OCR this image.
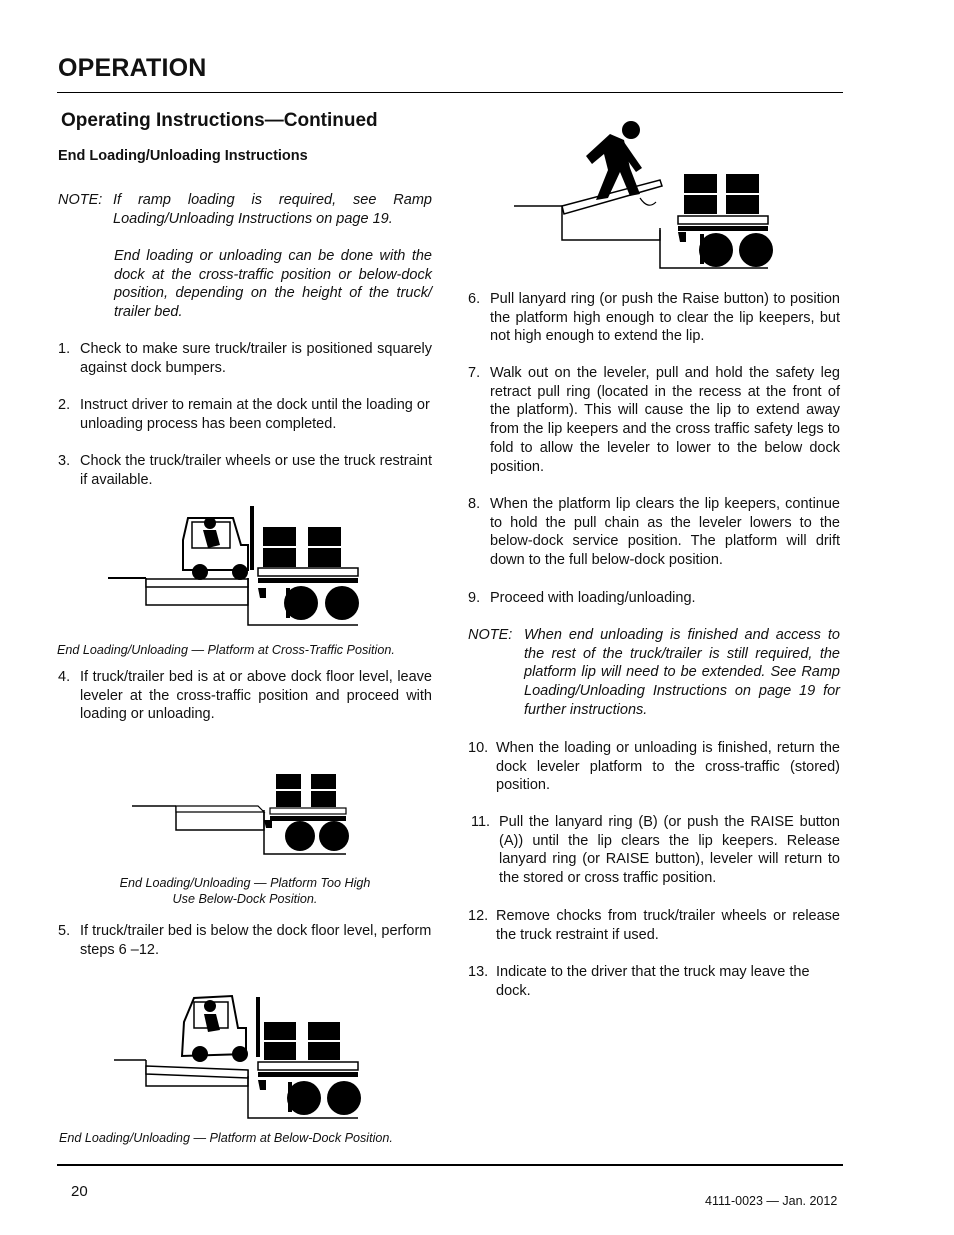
OPERATION
Operating Instructions—Continued
End Loading/Unloading Instructions
NOTE: If ramp loading is required, see Ramp Loading/Unloading Instructions on page 19.
End loading or unloading can be done with the dock at the cross-traffic position or below-dock position, depending on the height of the truck/ trailer bed.
1. Check to make sure truck/trailer is positioned squarely against dock bumpers.
2. Instruct driver to remain at the dock until the loading or unloading process has been completed.
3. Chock the truck/trailer wheels or use the truck restraint if available.
End Loading/Unloading — Platform at Cross-Traffic Position.
4. If truck/trailer bed is at or above dock floor level, leave leveler at the cross-traffic position and proceed with loading or unloading.
End Loading/Unloading — Platform Too High
Use Below-Dock Position.
5. If truck/trailer bed is below the dock floor level, perform steps 6 –12.
End Loading/Unloading — Platform at Below-Dock Position.
6. Pull lanyard ring (or push the Raise button) to position the platform high enough to clear the lip keepers, but not high enough to extend the lip.
7. Walk out on the leveler, pull and hold the safety leg retract pull ring (located in the recess at the front of the platform). This will cause the lip to extend away from the lip keepers and the cross traffic safety legs to fold to allow the leveler to lower to the below dock position.
8. When the platform lip clears the lip keepers, continue to hold the pull chain as the leveler lowers to the below-dock service position. The platform will drift down to the full below-dock position.
9. Proceed with loading/unloading.
NOTE: When end unloading is finished and access to the rest of the truck/trailer is still required, the platform lip will need to be extended. See Ramp Loading/Unloading Instructions on page 19 for further instructions.
10. When the loading or unloading is finished, return the dock leveler platform to the cross-traffic (stored) position.
11. Pull the lanyard ring (B) (or push the RAISE button (A)) until the lip clears the lip keepers. Release lanyard ring (or RAISE button), leveler will return to the stored or cross traffic position.
12. Remove chocks from truck/trailer wheels or release the truck restraint if used.
13. Indicate to the driver that the truck may leave the dock.
20
4111-0023 — Jan. 2012
